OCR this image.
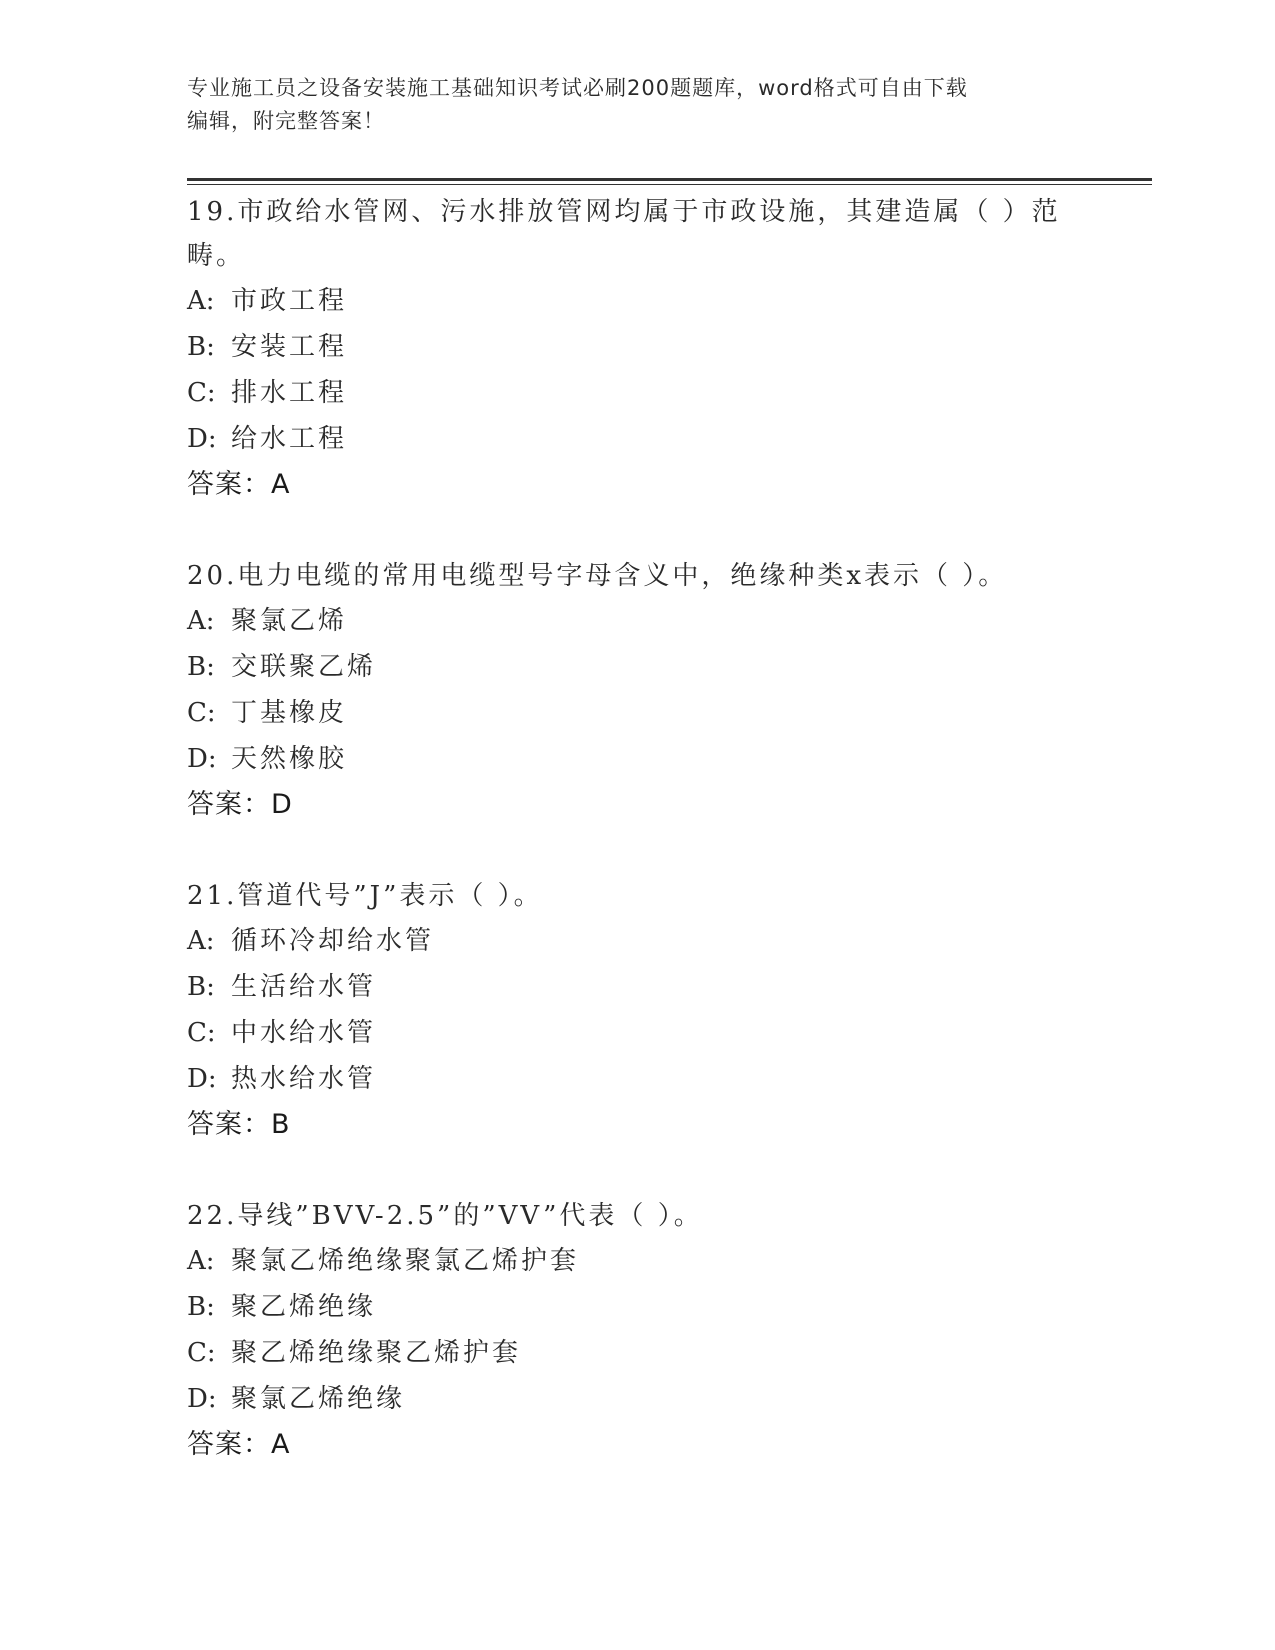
专业施工员之设备安装施工基础知识考试必刷200题题库，word格式可自由下载
编辑，附完整答案！
19.市政给水管网、污水排放管网均属于市政设施，其建造属（ ）范
畴。
A: 市政工程
B: 安装工程
C: 排水工程
D: 给水工程
答案：A
20.电力电缆的常用电缆型号字母含义中，绝缘种类x表示（ ）。
A: 聚氯乙烯
B: 交联聚乙烯
C: 丁基橡皮
D: 天然橡胶
答案：D
21.管道代号”J”表示（ ）。
A: 循环冷却给水管
B: 生活给水管
C: 中水给水管
D: 热水给水管
答案：B
22.导线”BVV-2.5”的”VV”代表（ ）。
A: 聚氯乙烯绝缘聚氯乙烯护套
B: 聚乙烯绝缘
C: 聚乙烯绝缘聚乙烯护套
D: 聚氯乙烯绝缘
答案：A
